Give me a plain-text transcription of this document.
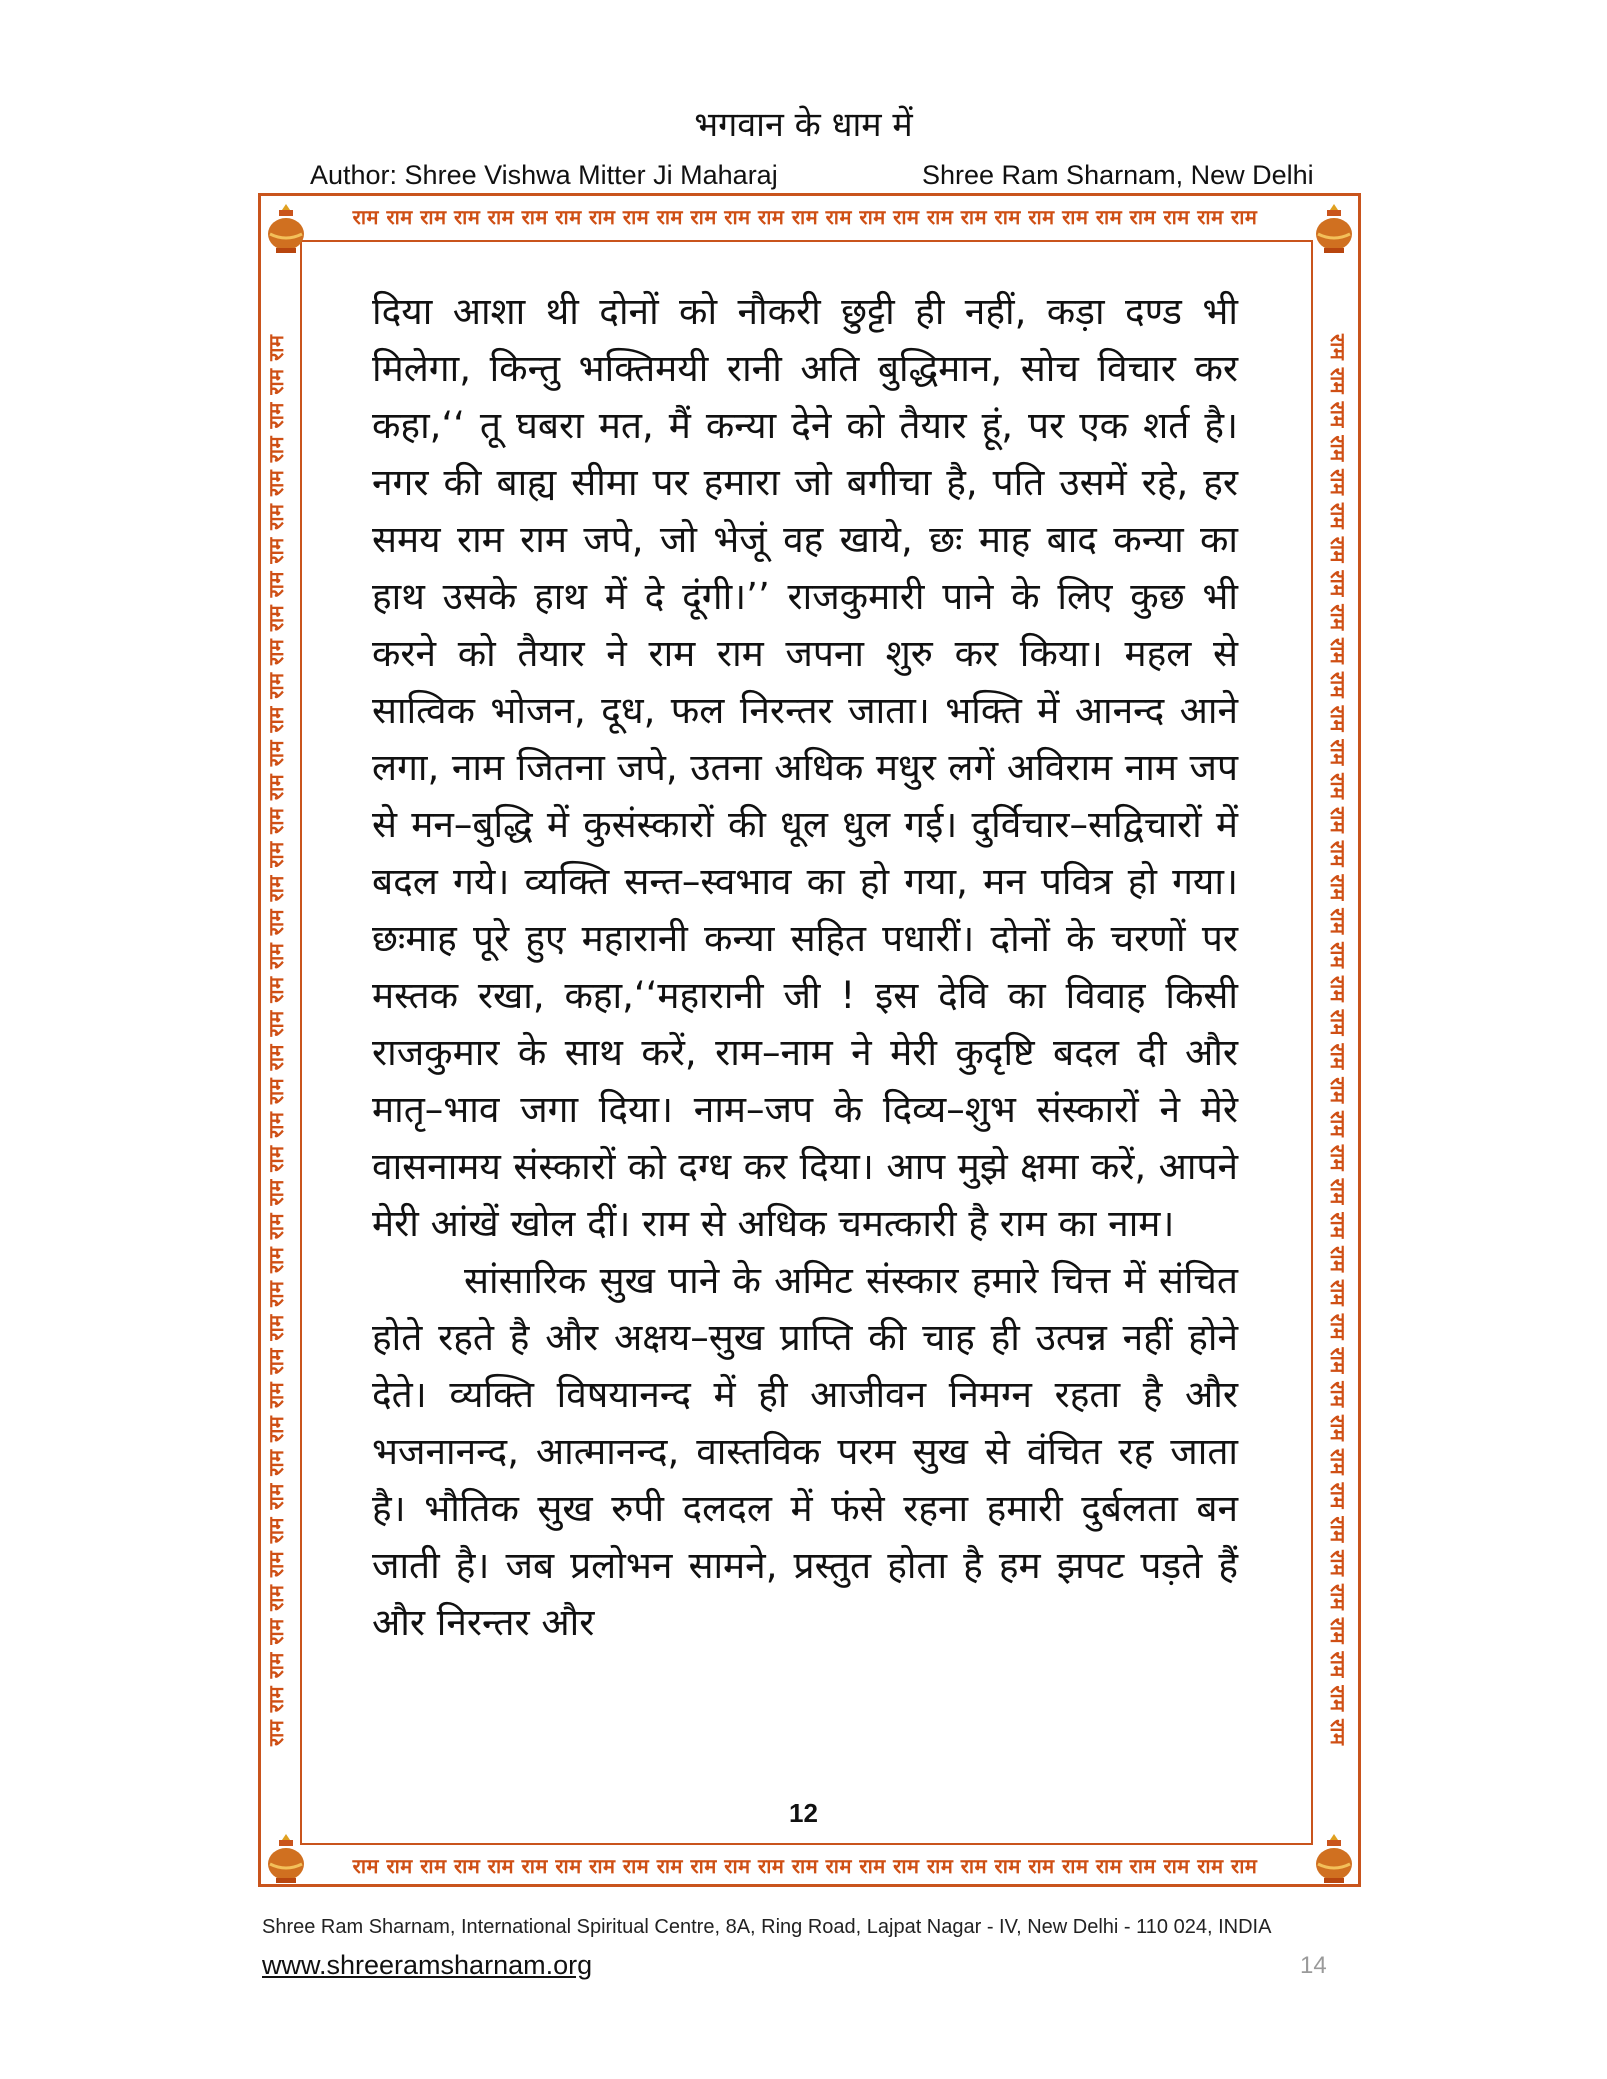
भगवान के धाम में
Author: Shree Vishwa Mitter Ji Maharaj	Shree Ram Sharnam, New Delhi
राम राम राम राम राम राम राम राम राम राम राम राम राम राम राम राम राम राम राम राम राम राम राम राम राम राम राम
राम राम राम राम राम राम राम राम राम राम राम राम राम राम राम राम राम राम राम राम राम राम राम राम राम राम राम
राम राम राम राम राम राम राम राम राम राम राम राम राम राम राम राम राम राम राम राम राम राम राम राम राम राम राम राम राम राम राम राम राम राम राम राम राम राम राम राम राम राम	राम राम राम राम राम राम राम राम राम राम राम राम राम राम राम राम राम राम राम राम राम राम राम राम राम राम राम राम राम राम राम राम राम राम राम राम राम राम राम राम राम राम

दिया आशा थी दोनों को नौकरी छुट्टी ही नहीं, कड़ा दण्ड भी मिलेगा, किन्तु भक्तिमयी रानी अति बुद्धिमान, सोच विचार कर कहा,‘‘ तू घबरा मत, मैं कन्या देने को तैयार हूं, पर एक शर्त है। नगर की बाह्य सीमा पर हमारा जो बगीचा है, पति उसमें रहे, हर समय राम राम जपे, जो भेजूं वह खाये, छः माह बाद कन्या का हाथ उसके हाथ में दे दूंगी।’’ राजकुमारी पाने के लिए कुछ भी करने को तैयार ने राम राम जपना शुरु कर किया। महल से सात्विक भोजन, दूध, फल निरन्तर जाता। भक्ति में आनन्द आने लगा, नाम जितना जपे, उतना अधिक मधुर लगें अविराम नाम जप से मन–बुद्धि में कुसंस्कारों की धूल धुल गई। दुर्विचार–सद्विचारों में बदल गये। व्यक्ति सन्त–स्वभाव का हो गया, मन पवित्र हो गया। छःमाह पूरे हुए महारानी कन्या सहित पधारीं। दोनों के चरणों पर मस्तक रखा, कहा,‘‘महारानी जी ! इस देवि का विवाह किसी राजकुमार के साथ करें, राम–नाम ने मेरी कुदृष्टि बदल दी और मातृ–भाव जगा दिया। नाम–जप के दिव्य–शुभ संस्कारों ने मेरे वासनामय संस्कारों को दग्ध कर दिया। आप मुझे क्षमा करें, आपने मेरी आंखें खोल दीं। राम से अधिक चमत्कारी है राम का नाम।

सांसारिक सुख पाने के अमिट संस्कार हमारे चित्त में संचित होते रहते है और अक्षय–सुख प्राप्ति की चाह ही उत्पन्न नहीं होने देते। व्यक्ति विषयानन्द में ही आजीवन निमग्न रहता है और भजनानन्द, आत्मानन्द, वास्तविक परम सुख से वंचित रह जाता है। भौतिक सुख रुपी दलदल में फंसे रहना हमारी दुर्बलता बन जाती है। जब प्रलोभन सामने, प्रस्तुत होता है हम झपट पड़ते हैं और निरन्तर और

12
Shree Ram Sharnam, International Spiritual Centre, 8A, Ring Road, Lajpat Nagar - IV, New Delhi - 110 024, INDIA
www.shreeramsharnam.org	14
